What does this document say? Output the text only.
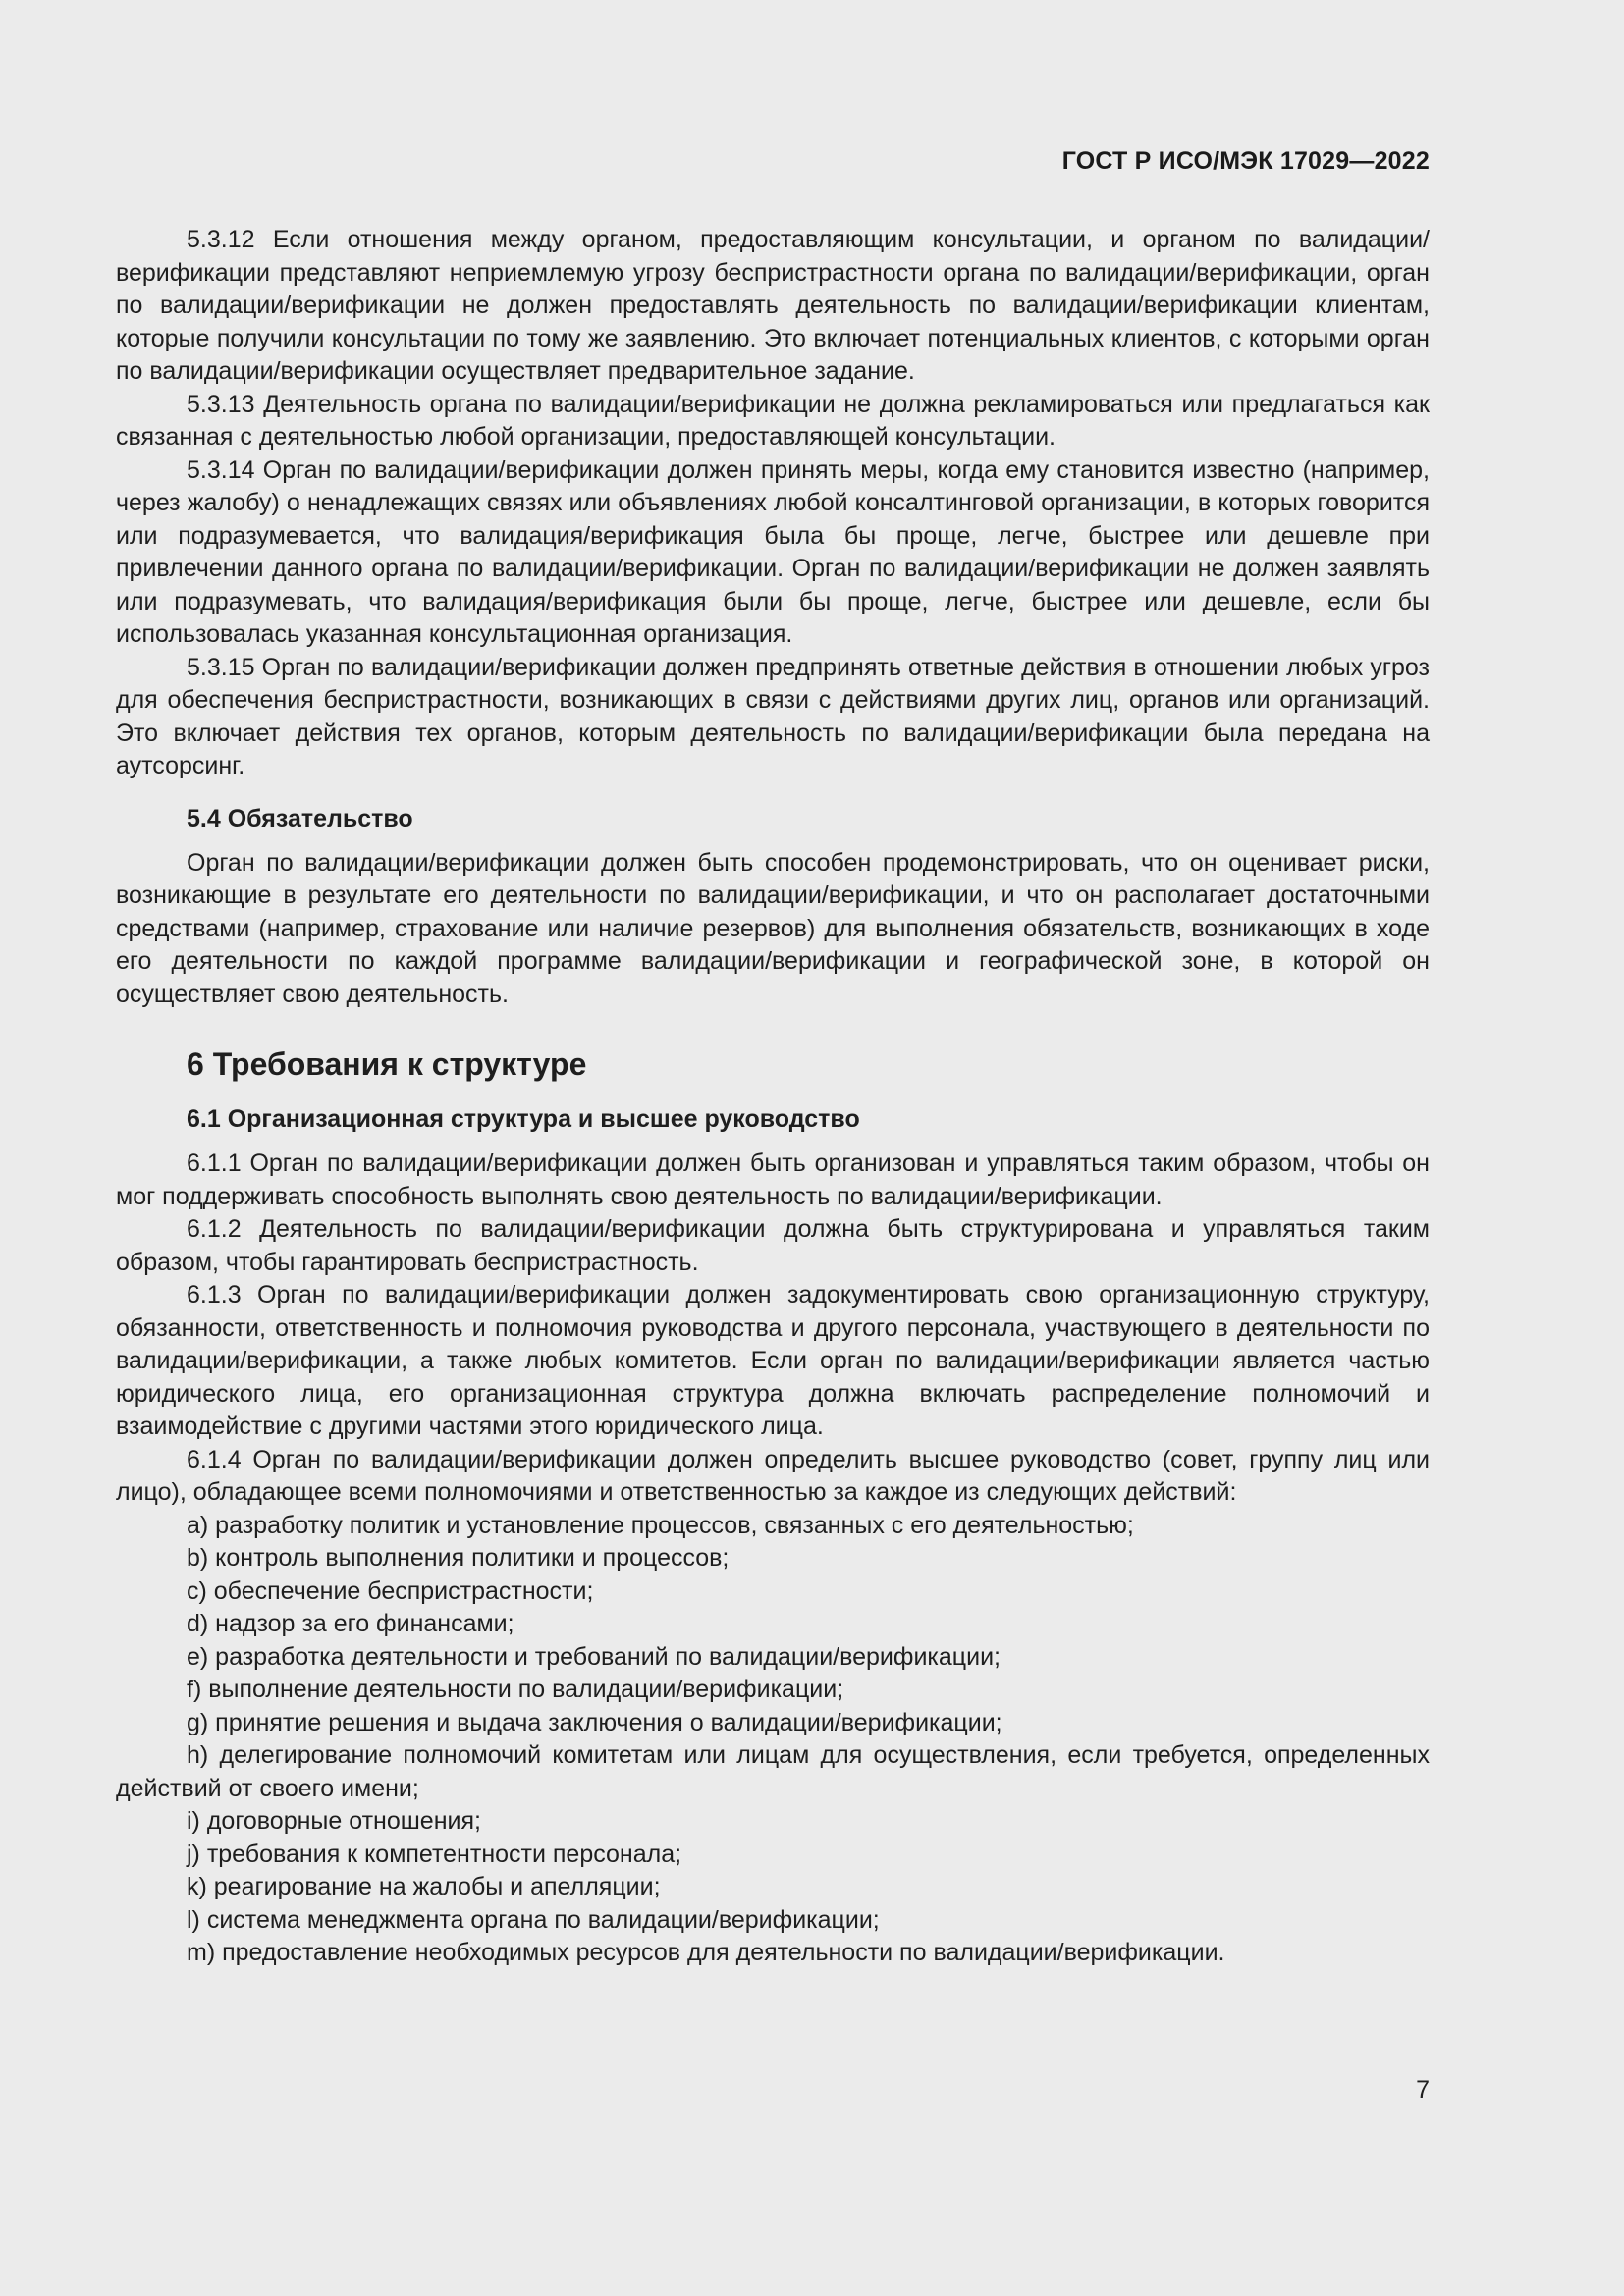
ГОСТ Р ИСО/МЭК 17029—2022

5.3.12 Если отношения между органом, предоставляющим консультации, и органом по валидации/верификации представляют неприемлемую угрозу беспристрастности органа по валидации/верификации, орган по валидации/верификации не должен предоставлять деятельность по валидации/верификации клиентам, которые получили консультации по тому же заявлению. Это включает потенциальных клиентов, с которыми орган по валидации/верификации осуществляет предварительное задание.

5.3.13 Деятельность органа по валидации/верификации не должна рекламироваться или предлагаться как связанная с деятельностью любой организации, предоставляющей консультации.

5.3.14 Орган по валидации/верификации должен принять меры, когда ему становится известно (например, через жалобу) о ненадлежащих связях или объявлениях любой консалтинговой организации, в которых говорится или подразумевается, что валидация/верификация была бы проще, легче, быстрее или дешевле при привлечении данного органа по валидации/верификации. Орган по валидации/верификации не должен заявлять или подразумевать, что валидация/верификация были бы проще, легче, быстрее или дешевле, если бы использовалась указанная консультационная организация.

5.3.15 Орган по валидации/верификации должен предпринять ответные действия в отношении любых угроз для обеспечения беспристрастности, возникающих в связи с действиями других лиц, органов или организаций. Это включает действия тех органов, которым деятельность по валидации/верификации была передана на аутсорсинг.

5.4 Обязательство

Орган по валидации/верификации должен быть способен продемонстрировать, что он оценивает риски, возникающие в результате его деятельности по валидации/верификации, и что он располагает достаточными средствами (например, страхование или наличие резервов) для выполнения обязательств, возникающих в ходе его деятельности по каждой программе валидации/верификации и географической зоне, в которой он осуществляет свою деятельность.

6 Требования к структуре
6.1 Организационная структура и высшее руководство

6.1.1 Орган по валидации/верификации должен быть организован и управляться таким образом, чтобы он мог поддерживать способность выполнять свою деятельность по валидации/верификации.

6.1.2 Деятельность по валидации/верификации должна быть структурирована и управляться таким образом, чтобы гарантировать беспристрастность.

6.1.3 Орган по валидации/верификации должен задокументировать свою организационную структуру, обязанности, ответственность и полномочия руководства и другого персонала, участвующего в деятельности по валидации/верификации, а также любых комитетов. Если орган по валидации/верификации является частью юридического лица, его организационная структура должна включать распределение полномочий и взаимодействие с другими частями этого юридического лица.

6.1.4 Орган по валидации/верификации должен определить высшее руководство (совет, группу лиц или лицо), обладающее всеми полномочиями и ответственностью за каждое из следующих действий:

a) разработку политик и установление процессов, связанных с его деятельностью;

b) контроль выполнения политики и процессов;

c) обеспечение беспристрастности;

d) надзор за его финансами;

e) разработка деятельности и требований по валидации/верификации;

f) выполнение деятельности по валидации/верификации;

g) принятие решения и выдача заключения о валидации/верификации;

h) делегирование полномочий комитетам или лицам для осуществления, если требуется, определенных действий от своего имени;

i) договорные отношения;

j) требования к компетентности персонала;

k) реагирование на жалобы и апелляции;

l) система менеджмента органа по валидации/верификации;

m) предоставление необходимых ресурсов для деятельности по валидации/верификации.

7
